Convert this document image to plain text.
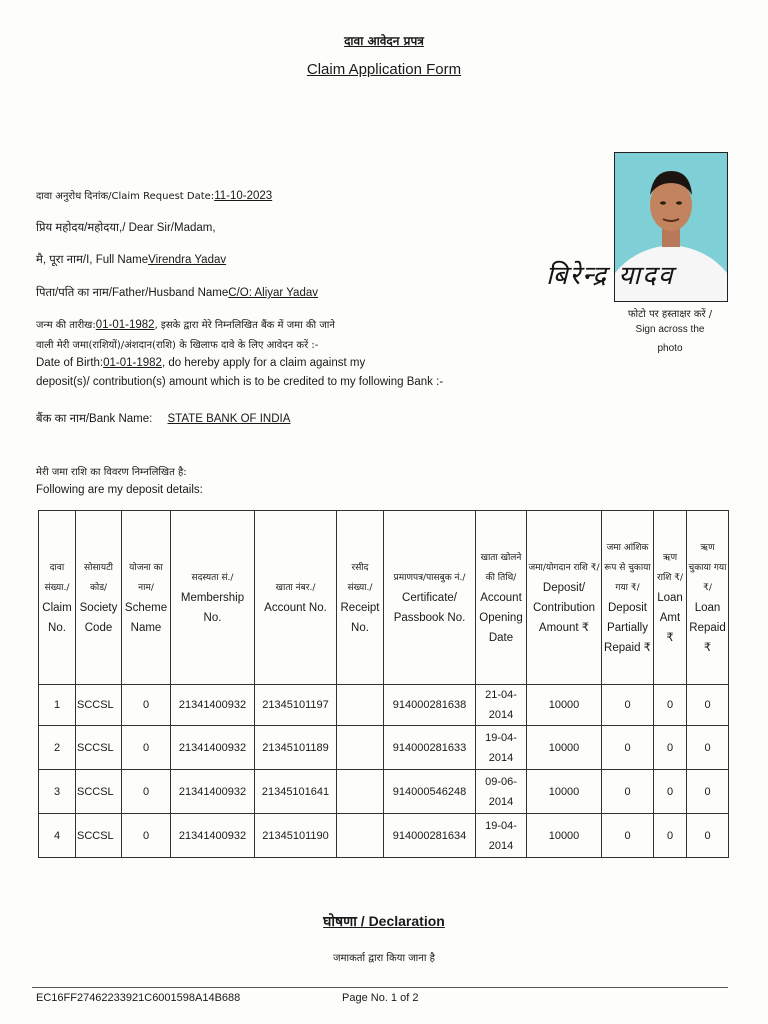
दावा आवेदन प्रपत्र
Claim Application Form
दावा अनुरोध दिनांक/Claim Request Date:11-10-2023
प्रिय महोदय/महोदया,/ Dear Sir/Madam,
मै, पूरा नाम/I, Full NameVirendra Yadav
पिता/पति का नाम/Father/Husband NameC/O: Aliyar Yadav
जन्म की तारीख:01-01-1982, इसके द्वारा मेरे निम्नलिखित बैंक में जमा की जाने
वाली मेरी जमा(राशियों)/अंशदान(राशि) के खिलाफ दावे के लिए आवेदन करें :-
Date of Birth:01-01-1982, do hereby apply for a claim against my
deposit(s)/ contribution(s) amount which is to be credited to my following Bank :-
बैंक का नाम/Bank Name: STATE BANK OF INDIA
मेरी जमा राशि का विवरण निम्नलिखित है:
Following are my deposit details:
बिरेन्द्र यादव
फोटो पर हस्ताक्षर करें /
Sign across the
photo
दावा संख्या./
Claim No.	सोसायटी कोड/
Society Code	योजना का नाम/
Scheme Name	सदस्यता सं./
Membership No.	खाता नंबर./
Account No.	रसीद संख्या./
Receipt No.	प्रमाणपत्र/पासबुक नं./
Certificate/ Passbook No.	खाता खोलने की तिथि/
Account Opening Date	जमा/योगदान राशि ₹/
Deposit/ Contribution Amount ₹	जमा आंशिक रूप से चुकाया गया ₹/
Deposit Partially Repaid ₹	ऋण राशि ₹/
Loan Amt ₹	ऋण चुकाया गया ₹/
Loan Repaid ₹
1	SCCSL	0	21341400932	21345101197		914000281638	21-04-2014	10000	0	0	0
2	SCCSL	0	21341400932	21345101189		914000281633	19-04-2014	10000	0	0	0
3	SCCSL	0	21341400932	21345101641		914000546248	09-06-2014	10000	0	0	0
4	SCCSL	0	21341400932	21345101190		914000281634	19-04-2014	10000	0	0	0
घोषणा / Declaration
जमाकर्ता द्वारा किया जाना है
EC16FF27462233921C6001598A14B688	Page No. 1 of 2
